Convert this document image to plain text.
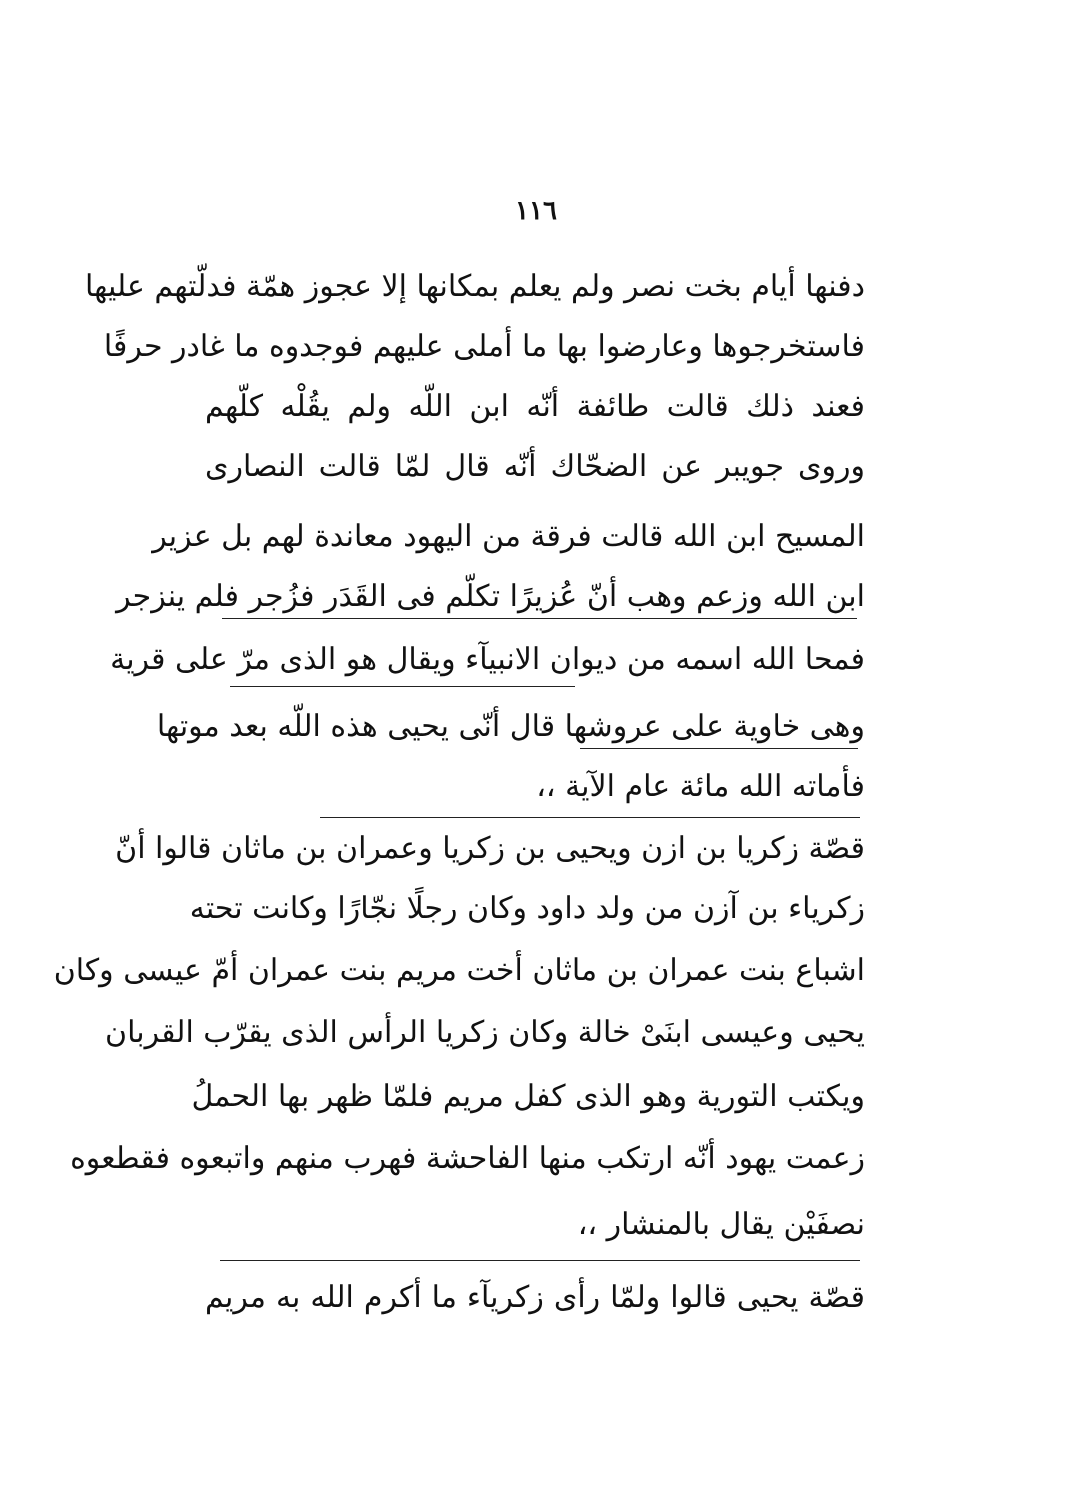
١١٦
دفنها أيام بخت نصر ولم يعلم بمكانها إلا عجوز همّة فدلّتهم عليها
فاستخرجوها وعارضوا بها ما أملى عليهم فوجدوه ما غادر حرفًا
فعند ذلك قالت طائفة أنّه ابن اللّه ولم يقُلْه كلّهم
وروى جويبر عن الضحّاك أنّه قال لمّا قالت النصارى
المسيح ابن الله قالت فرقة من اليهود معاندة لهم بل عزير
ابن الله وزعم وهب أنّ عُزيرًا تكلّم فى القَدَر فزُجر فلم ينزجر
فمحا الله اسمه من ديوان الانبيآء ويقال هو الذى مرّ على قرية
وهى خاوية على عروشها قال أنّى يحيى هذه اللّه بعد موتها
فأماته الله مائة عام الآية ،،
قصّة زكريا بن ازن ويحيى بن زكريا وعمران بن ماثان قالوا أنّ
زكرياء بن آزن من ولد داود وكان رجلًا نجّارًا وكانت تحته
اشباع بنت عمران بن ماثان أخت مريم بنت عمران أمّ عيسى وكان
يحيى وعيسى ابنَىْ خالة وكان زكريا الرأس الذى يقرّب القربان
ويكتب التورية وهو الذى كفل مريم فلمّا ظهر بها الحملُ
زعمت يهود أنّه ارتكب منها الفاحشة فهرب منهم واتبعوه فقطعوه
نصفَيْن يقال بالمنشار ،،
قصّة يحيى قالوا ولمّا رأى زكريآء ما أكرم الله به مريم
